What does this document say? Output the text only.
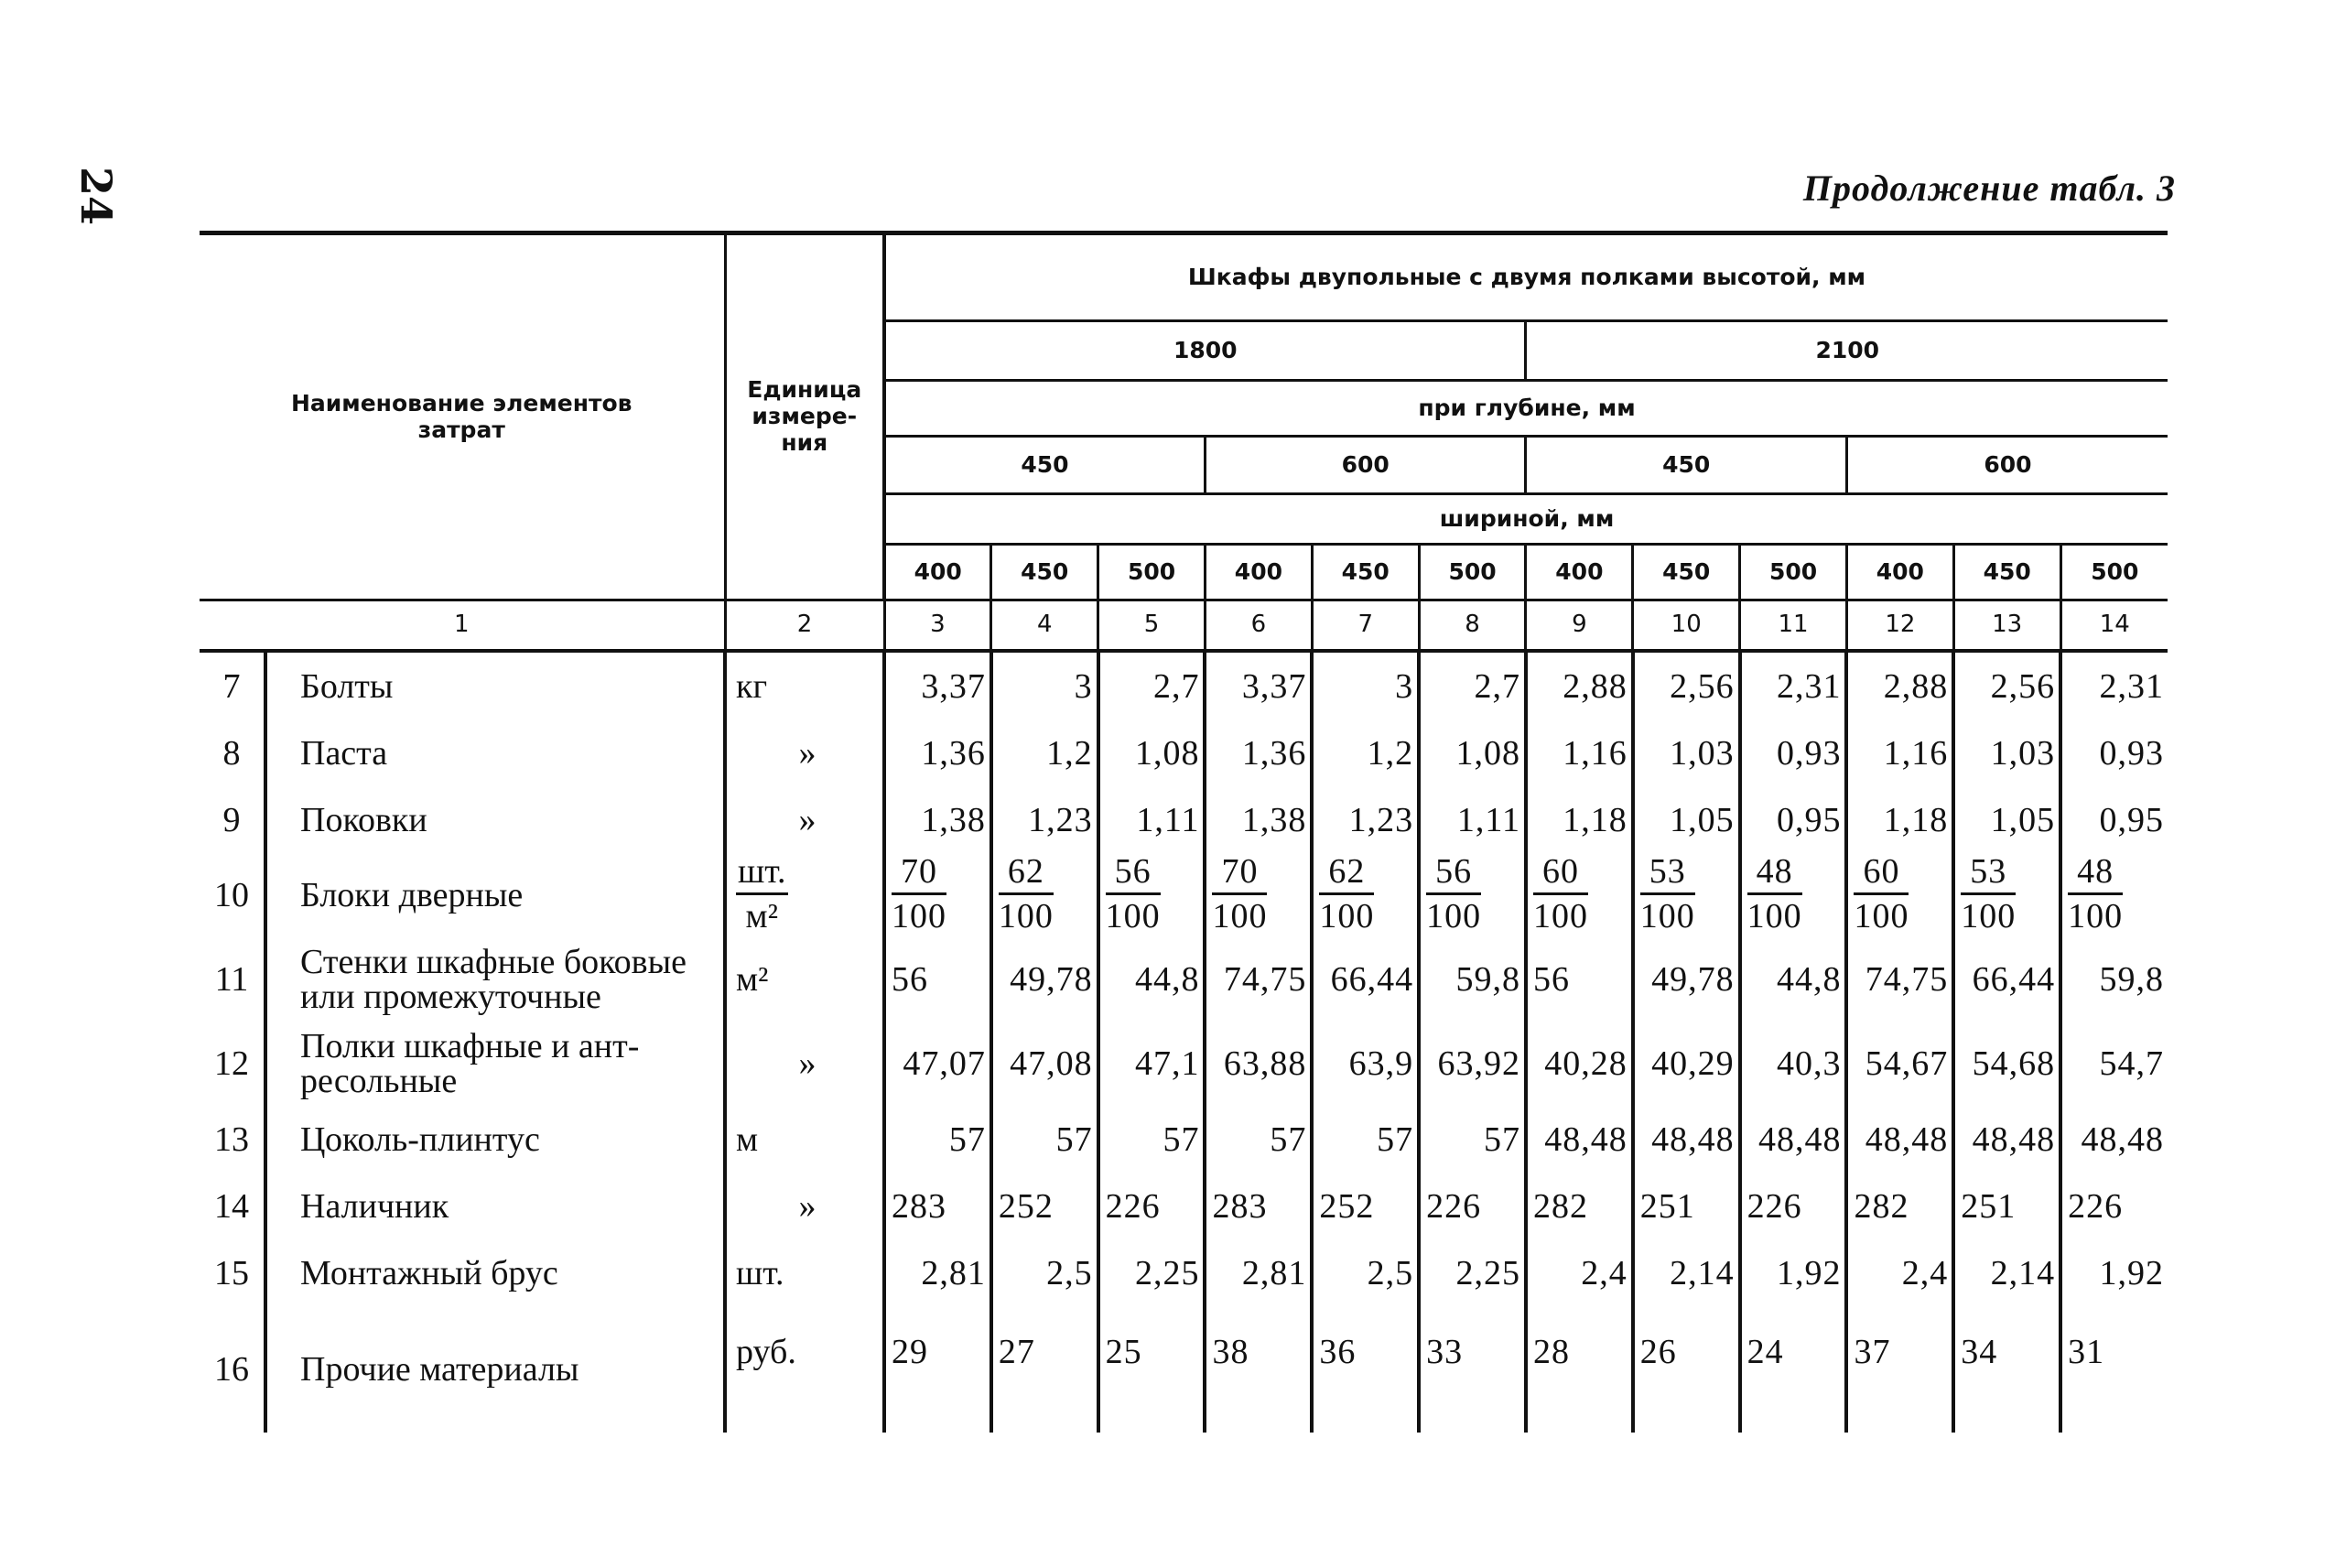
24	Продолжение табл. 3
Наименование элементов затрат	Единица измерения	Шкафы двупольные с двумя полками высотой, мм											
		1800						2100					
		при глубине, мм											
		450			600			450			600		
		шириной, мм											
		400	450	500	400	450	500	400	450	500	400	450	500
1	2	3	4	5	6	7	8	9	10	11	12	13	14

7 Болты	кг	3,37	3	2,7	3,37	3	2,7	2,88	2,56	2,31	2,88	2,56	2,31

8 Паста	»	1,36	1,2	1,08	1,36	1,2	1,08	1,16	1,03	0,93	1,16	1,03	0,93

9 Поковки	»	1,38	1,23	1,11	1,38	1,23	1,11	1,18	1,05	0,95	1,18	1,05	0,95

10 Блоки дверные	$\frac{шт.}{\text{м²}}$	$\frac{70}{100}$	$\frac{62}{100}$	$\frac{56}{100}$	$\frac{70}{100}$	$\frac{62}{100}$	$\frac{56}{100}$	$\frac{60}{100}$	$\frac{53}{100}$	$\frac{48}{100}$	$\frac{60}{100}$	$\frac{53}{100}$	$\frac{48}{100}$

11 Стенки шкафные боковые или промежуточные	м²	56	49,78	44,8	74,75	66,44	59,8	56	49,78	44,8	74,75	66,44	59,8

12 Полки шкафные и антресольные	»	47,07	47,08	47,1	63,88	63,9	63,92	40,28	40,29	40,3	54,67	54,68	54,7

13 Цоколь-плинтус	м	57	57	57	57	57	57	48,48	48,48	48,48	48,48	48,48	48,48

14 Наличник	»	283	252	226	283	252	226	282	251	226	282	251	226

15 Монтажный брус	шт.	2,81	2,5	2,25	2,81	2,5	2,25	2,4	2,14	1,92	2,4	2,14	1,92

16 Прочие материалы	руб.	29	27	25	38	36	33	28	26	24	37	34	31
